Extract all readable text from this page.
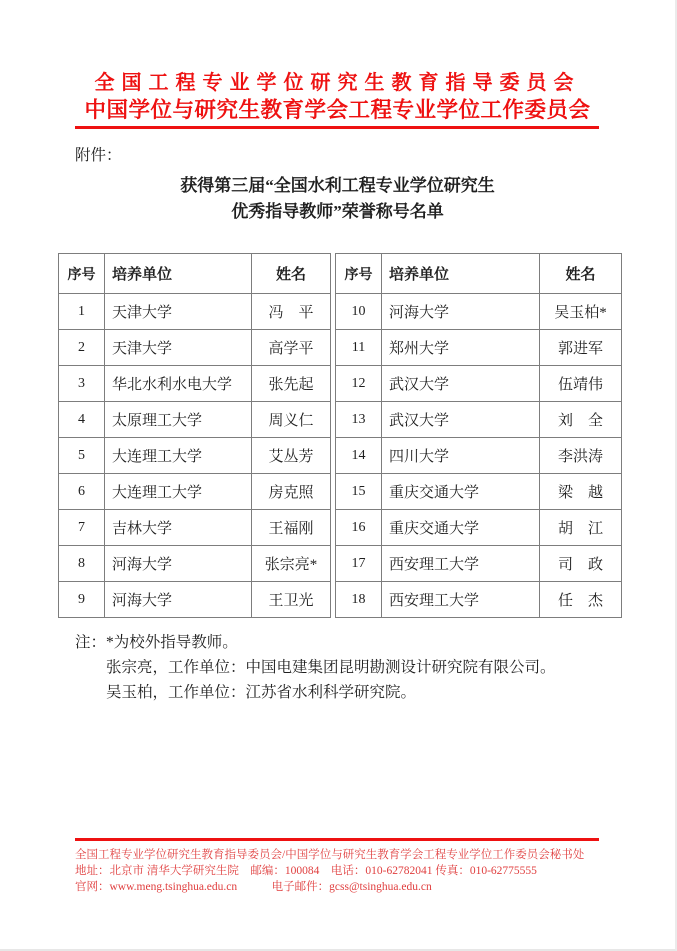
全国工程专业学位研究生教育指导委员会
中国学位与研究生教育学会工程专业学位工作委员会
附件：
获得第三届“全国水利工程专业学位研究生
优秀指导教师”荣誉称号名单
序号	培养单位	姓名
1	天津大学	冯　平
2	天津大学	高学平
3	华北水利水电大学	张先起
4	太原理工大学	周义仁
5	大连理工大学	艾丛芳
6	大连理工大学	房克照
7	吉林大学	王福刚
8	河海大学	张宗亮*
9	河海大学	王卫光
序号	培养单位	姓名
10	河海大学	吴玉柏*
11	郑州大学	郭进军
12	武汉大学	伍靖伟
13	武汉大学	刘　全
14	四川大学	李洪涛
15	重庆交通大学	梁　越
16	重庆交通大学	胡　江
17	西安理工大学	司　政
18	西安理工大学	任　杰
注：*为校外指导教师。
张宗亮，工作单位：中国电建集团昆明勘测设计研究院有限公司。
吴玉柏，工作单位：江苏省水利科学研究院。
全国工程专业学位研究生教育指导委员会/中国学位与研究生教育学会工程专业学位工作委员会秘书处
地址：北京市 清华大学研究生院　邮编：100084　电话：010-62782041 传真：010-62775555
官网：www.meng.tsinghua.edu.cn　　　电子邮件：gcss@tsinghua.edu.cn
